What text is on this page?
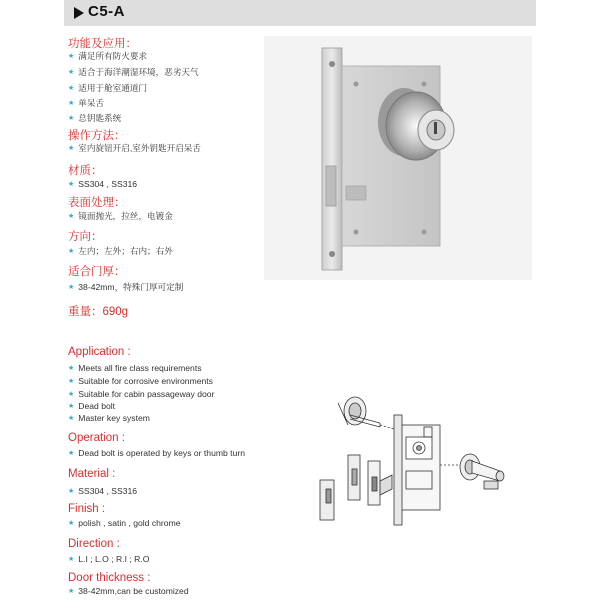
C5-A
功能及应用：
★ 满足所有防火要求
★ 适合于海洋潮湿环境，恶劣天气
★ 适用于舱室通道门
★ 单呆舌
★ 总钥匙系统
操作方法：
★ 室内旋钮开启,室外钥匙开启呆舌
材质：
★ SS304 , SS316
表面处理：
★ 镜面抛光，拉丝，电镀金
方向：
★ 左内；左外；右内；右外
适合门厚：
★ 38-42mm，特殊门厚可定制
重量：690g
Application :
★ Meets all fire class requirements
★ Suitable for corrosive environments
★ Suitable for cabin passageway door
★ Dead bolt
★ Master key system
Operation :
★ Dead bolt is operated by keys or thumb turn
Material :
★ SS304 , SS316
Finish :
★ polish , satin , gold chrome
Direction :
★ L.I ; L.O ; R.I ; R.O
Door thickness :
★ 38-42mm,can be customized
